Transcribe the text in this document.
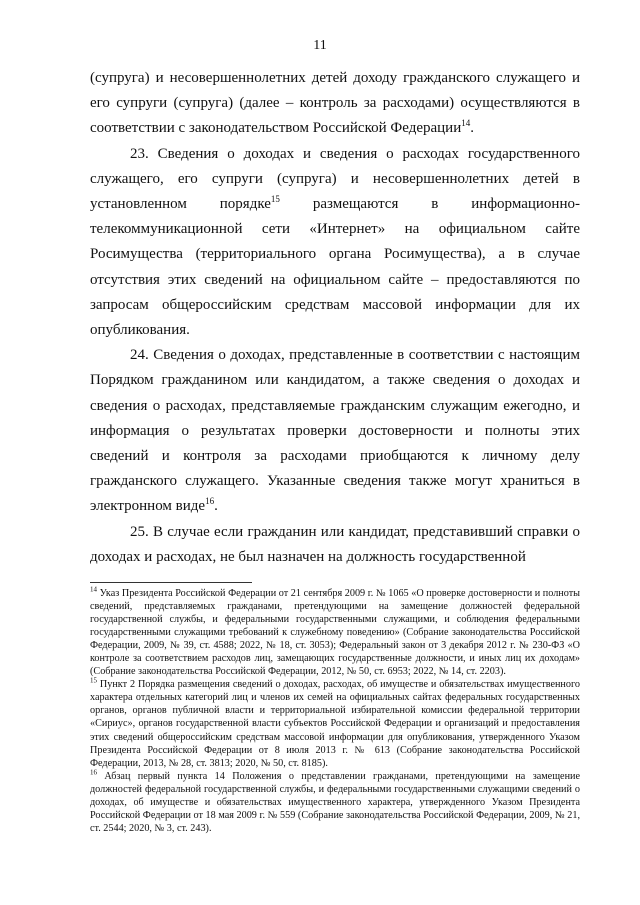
11

(супруга) и несовершеннолетних детей доходу гражданского служащего и его супруги (супруга) (далее – контроль за расходами) осуществляются в соответствии с законодательством Российской Федерации$^{14}$.

23. Сведения о доходах и сведения о расходах государственного служащего, его супруги (супруга) и несовершеннолетних детей в установленном порядке$^{15}$ размещаются в информационно-телекоммуникационной сети «Интернет» на официальном сайте Росимущества (территориального органа Росимущества), а в случае отсутствия этих сведений на официальном сайте – предоставляются по запросам общероссийским средствам массовой информации для их опубликования.

24. Сведения о доходах, представленные в соответствии с настоящим Порядком гражданином или кандидатом, а также сведения о доходах и сведения о расходах, представляемые гражданским служащим ежегодно, и информация о результатах проверки достоверности и полноты этих сведений и контроля за расходами приобщаются к личному делу гражданского служащего. Указанные сведения также могут храниться в электронном виде$^{16}$.

25. В случае если гражданин или кандидат, представивший справки о доходах и расходах, не был назначен на должность государственной

$^{14}$ Указ Президента Российской Федерации от 21 сентября 2009 г. № 1065 «О проверке достоверности и полноты сведений, представляемых гражданами, претендующими на замещение должностей федеральной государственной службы, и федеральными государственными служащими, и соблюдения федеральными государственными служащими требований к служебному поведению» (Собрание законодательства Российской Федерации, 2009, № 39, ст. 4588; 2022, № 18, ст. 3053); Федеральный закон от 3 декабря 2012 г. № 230-ФЗ «О контроле за соответствием расходов лиц, замещающих государственные должности, и иных лиц их доходам» (Собрание законодательства Российской Федерации, 2012, № 50, ст. 6953; 2022, № 14, ст. 2203).

$^{15}$ Пункт 2 Порядка размещения сведений о доходах, расходах, об имуществе и обязательствах имущественного характера отдельных категорий лиц и членов их семей на официальных сайтах федеральных государственных органов, органов публичной власти и территориальной избирательной комиссии федеральной территории «Сириус», органов государственной власти субъектов Российской Федерации и организаций и предоставления этих сведений общероссийским средствам массовой информации для опубликования, утвержденного Указом Президента Российской Федерации от 8 июля 2013 г. № 613 (Собрание законодательства Российской Федерации, 2013, № 28, ст. 3813; 2020, № 50, ст. 8185).

$^{16}$ Абзац первый пункта 14 Положения о представлении гражданами, претендующими на замещение должностей федеральной государственной службы, и федеральными государственными служащими сведений о доходах, об имуществе и обязательствах имущественного характера, утвержденного Указом Президента Российской Федерации от 18 мая 2009 г. № 559 (Собрание законодательства Российской Федерации, 2009, № 21, ст. 2544; 2020, № 3, ст. 243).
